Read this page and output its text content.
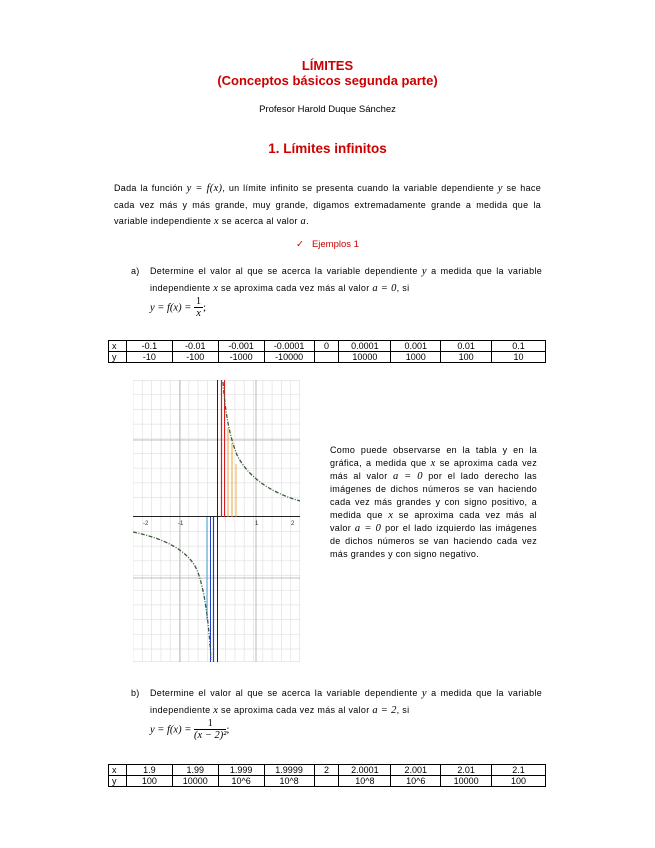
LÍMITES
(Conceptos básicos segunda parte)
Profesor Harold Duque Sánchez
1. Límites infinitos
Dada la función y = f(x), un límite infinito se presenta cuando la variable dependiente y se hace cada vez más y más grande, muy grande, digamos extremadamente grande a medida que la variable independiente x se acerca al valor a.
✓ Ejemplos 1
a)	Determine el valor al que se acerca la variable dependiente y a medida que la variable independiente x se aproxima cada vez más al valor a = 0, si
$y = f(x) = \frac{1}{x}$ ;
x	-0.1	-0.01	-0.001	-0.0001	0	0.0001	0.001	0.01	0.1
y	-10	-100	-1000	-10000		10000	1000	100	10
-2	-1	1	2
Como puede observarse en la tabla y en la gráfica, a medida que x se aproxima cada vez más al valor a = 0 por el lado derecho las imágenes de dichos números se van haciendo cada vez más grandes y con signo positivo, a medida que x se aproxima cada vez más al valor a = 0 por el lado izquierdo las imágenes de dichos números se van haciendo cada vez más grandes y con signo negativo.
b)	Determine el valor al que se acerca la variable dependiente y a medida que la variable independiente x se aproxima cada vez más al valor a = 2, si
$y = f(x) = \frac{1}{\text{(x − 2)²}}$ ;
x	1.9	1.99	1.999	1.9999	2	2.0001	2.001	2.01	2.1
y	100	10000	10^6	10^8		10^8	10^6	10000	100
